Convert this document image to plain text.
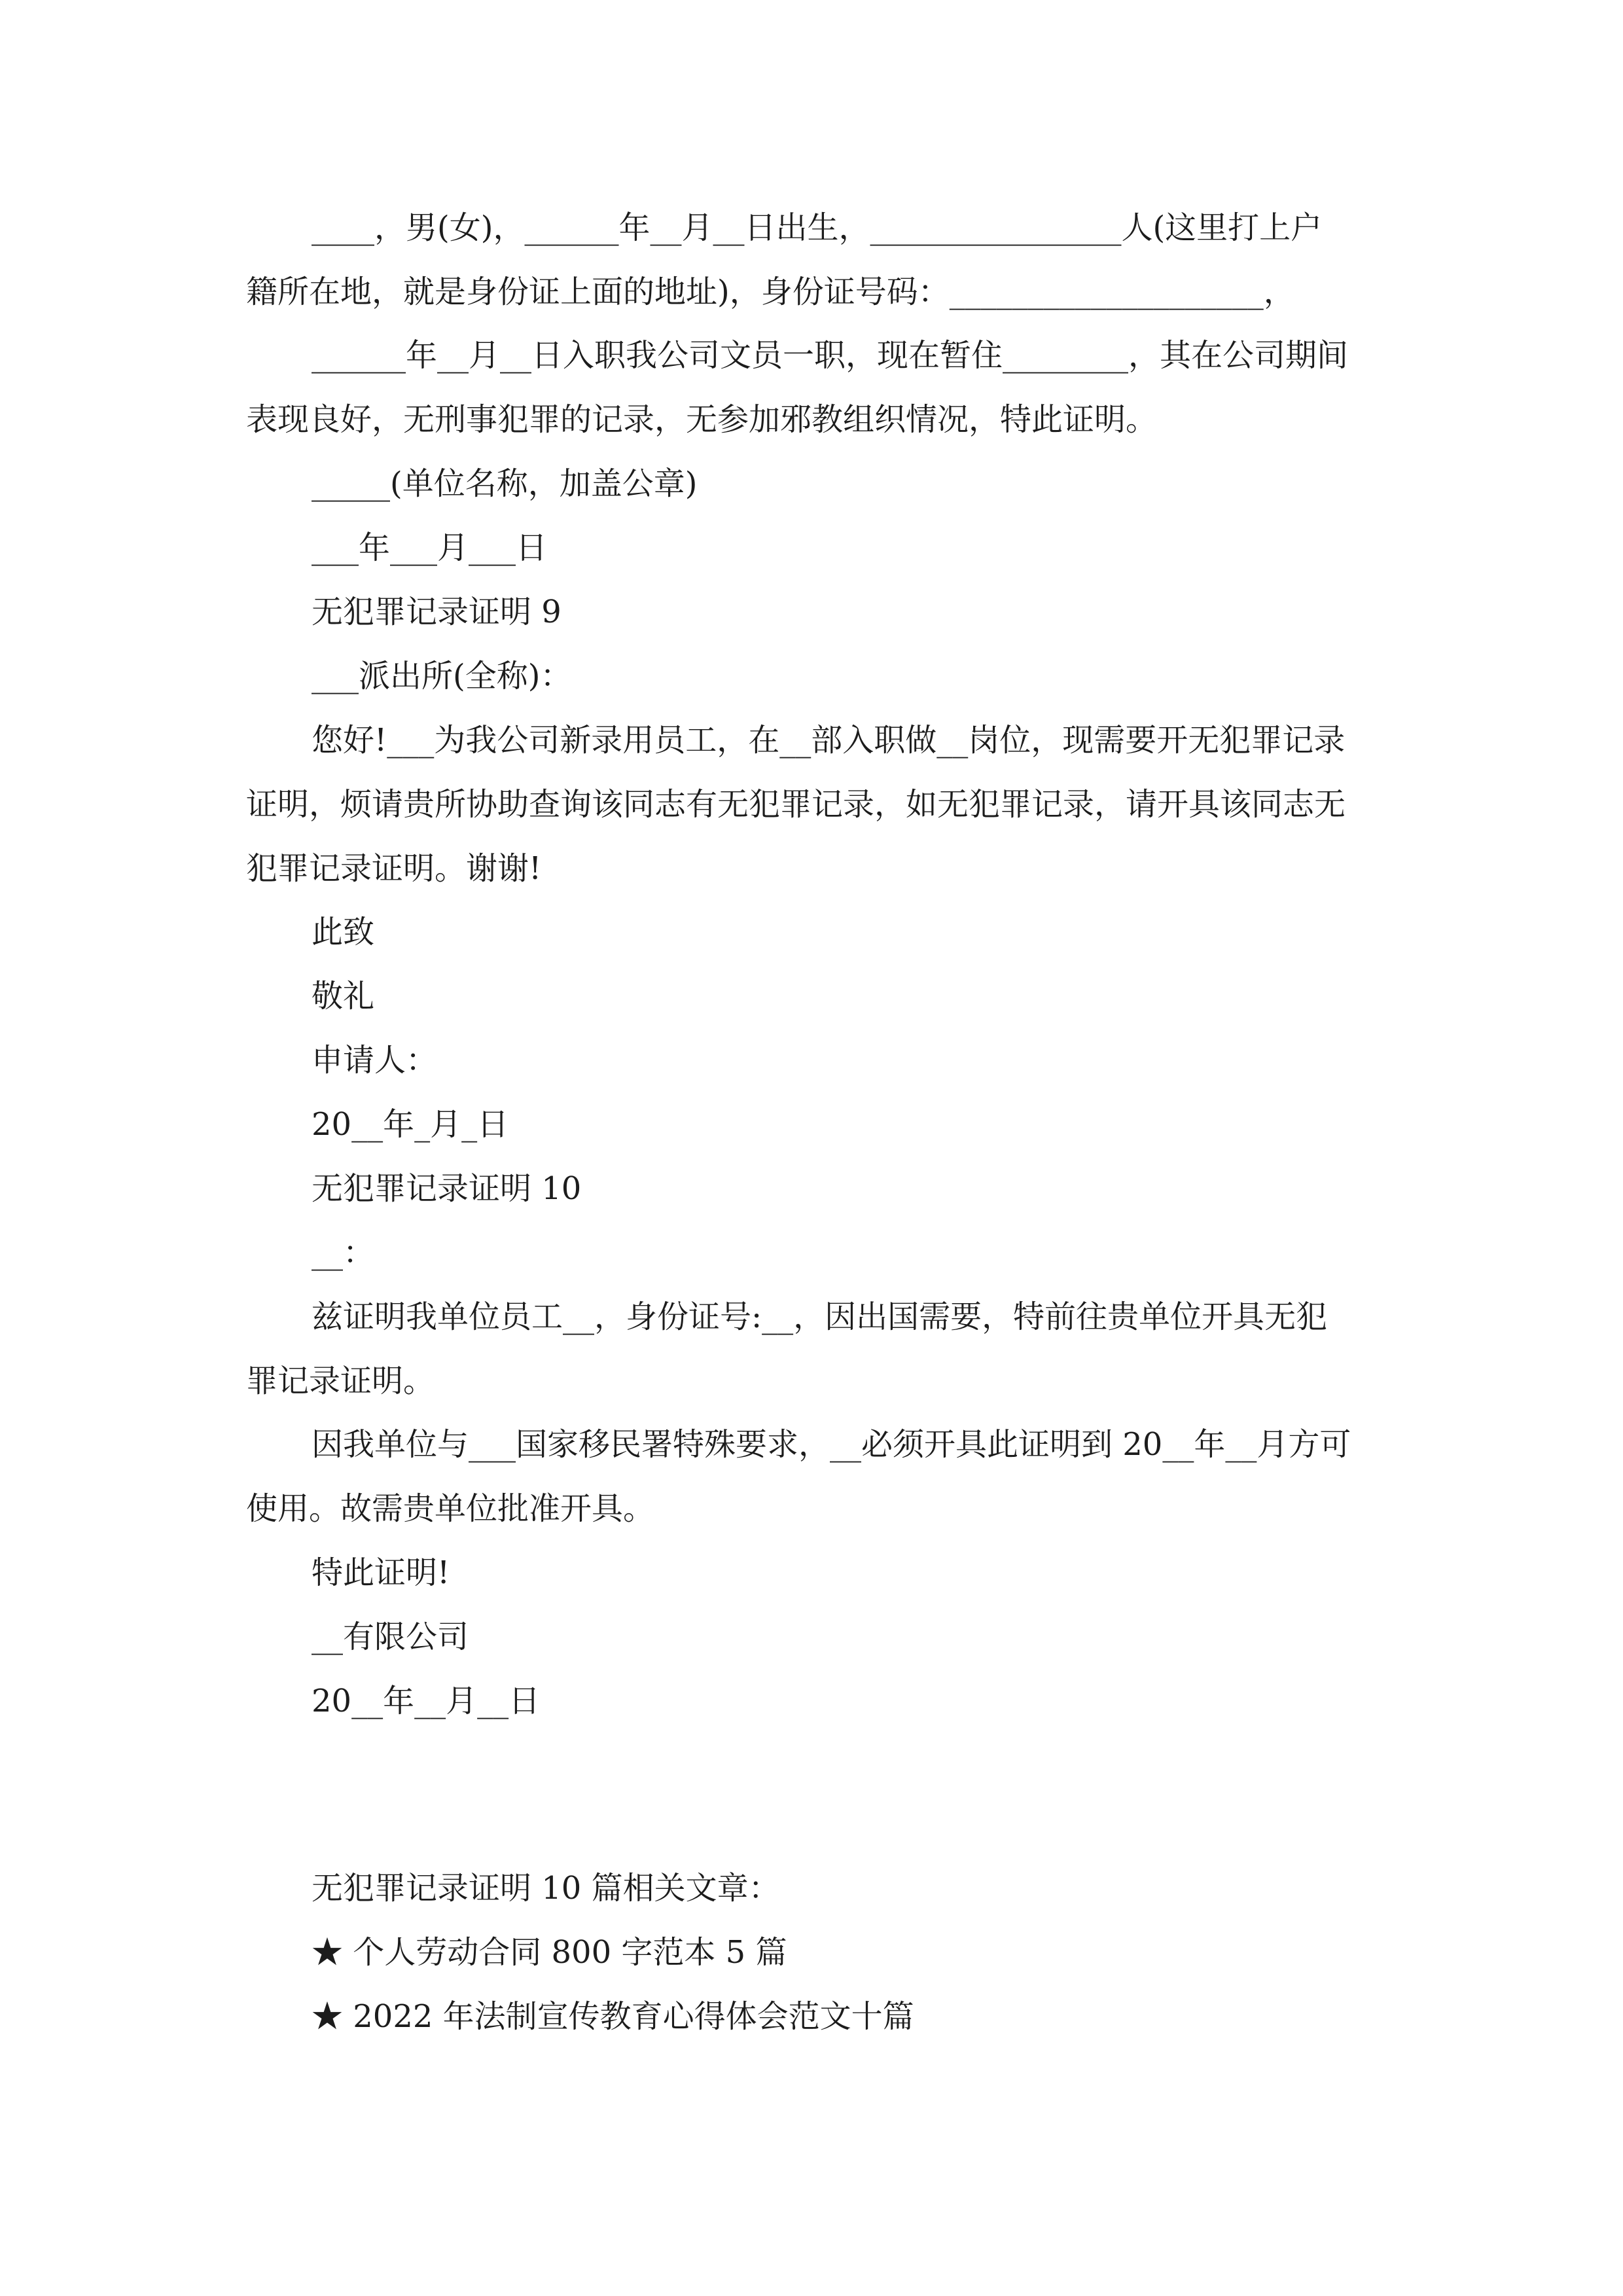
____，男(女)，______年__月__日出生，________________人(这里打上户
籍所在地，就是身份证上面的地址)，身份证号码：____________________，
______年__月__日入职我公司文员一职，现在暂住________，其在公司期间
表现良好，无刑事犯罪的记录，无参加邪教组织情况，特此证明。
_____(单位名称，加盖公章)
___年___月___日
无犯罪记录证明 9
___派出所(全称)：
您好!___为我公司新录用员工，在__部入职做__岗位，现需要开无犯罪记录
证明，烦请贵所协助查询该同志有无犯罪记录，如无犯罪记录，请开具该同志无
犯罪记录证明。谢谢!
此致
敬礼
申请人：
20__年_月_日
无犯罪记录证明 10
__：
兹证明我单位员工__，身份证号:__，因出国需要，特前往贵单位开具无犯
罪记录证明。
因我单位与___国家移民署特殊要求，__必须开具此证明到 20__年__月方可
使用。故需贵单位批准开具。
特此证明!
__有限公司
20__年__月__日
无犯罪记录证明 10 篇相关文章：
★ 个人劳动合同 800 字范本 5 篇
★ 2022 年法制宣传教育心得体会范文十篇
